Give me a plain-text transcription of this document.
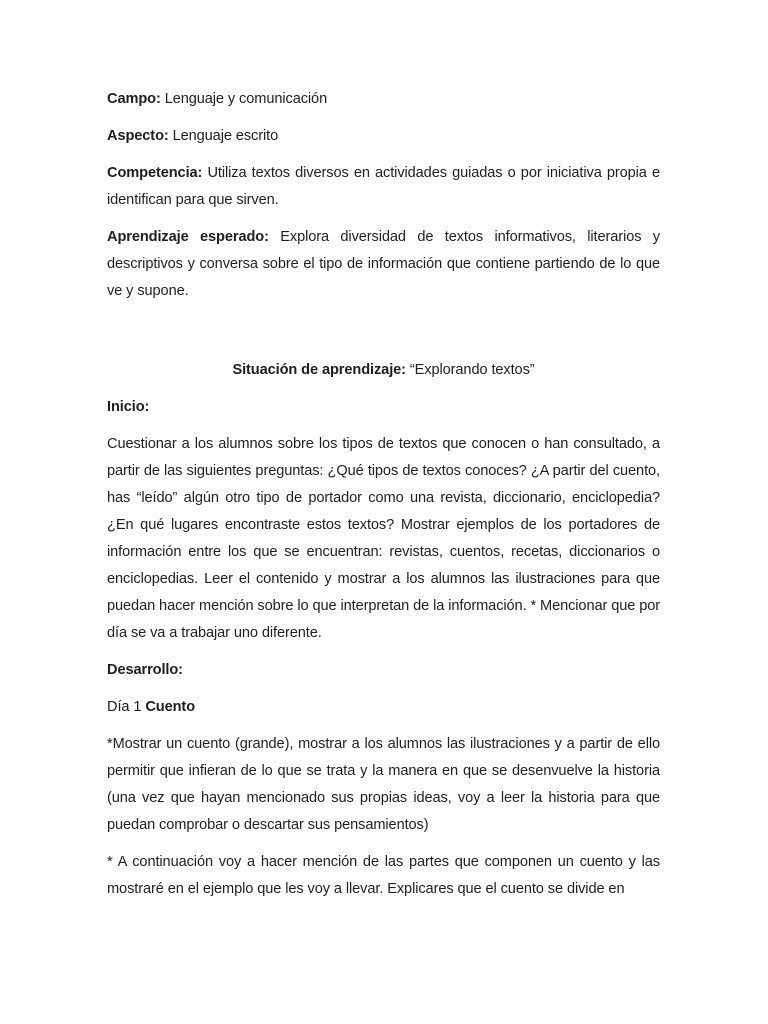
Campo: Lenguaje y comunicación

Aspecto: Lenguaje escrito

Competencia: Utiliza textos diversos en actividades guiadas o por iniciativa propia e identifican para que sirven.

Aprendizaje esperado: Explora diversidad de textos informativos, literarios y descriptivos y conversa sobre el tipo de información que contiene partiendo de lo que ve y supone.

Situación de aprendizaje: “Explorando textos”

Inicio:

Cuestionar a los alumnos sobre los tipos de textos que conocen o han consultado, a partir de las siguientes preguntas: ¿Qué tipos de textos conoces? ¿A partir del cuento, has “leído” algún otro tipo de portador como una revista, diccionario, enciclopedia? ¿En qué lugares encontraste estos textos? Mostrar ejemplos de los portadores de información entre los que se encuentran: revistas, cuentos, recetas, diccionarios o enciclopedias. Leer el contenido y mostrar a los alumnos las ilustraciones para que puedan hacer mención sobre lo que interpretan de la información. * Mencionar que por día se va a trabajar uno diferente.

Desarrollo:

Día 1 Cuento

*Mostrar un cuento (grande), mostrar a los alumnos las ilustraciones y a partir de ello permitir que infieran de lo que se trata y la manera en que se desenvuelve la historia (una vez que hayan mencionado sus propias ideas, voy a leer la historia para que puedan comprobar o descartar sus pensamientos)

* A continuación voy a hacer mención de las partes que componen un cuento y las mostraré en el ejemplo que les voy a llevar. Explicares que el cuento se divide en
